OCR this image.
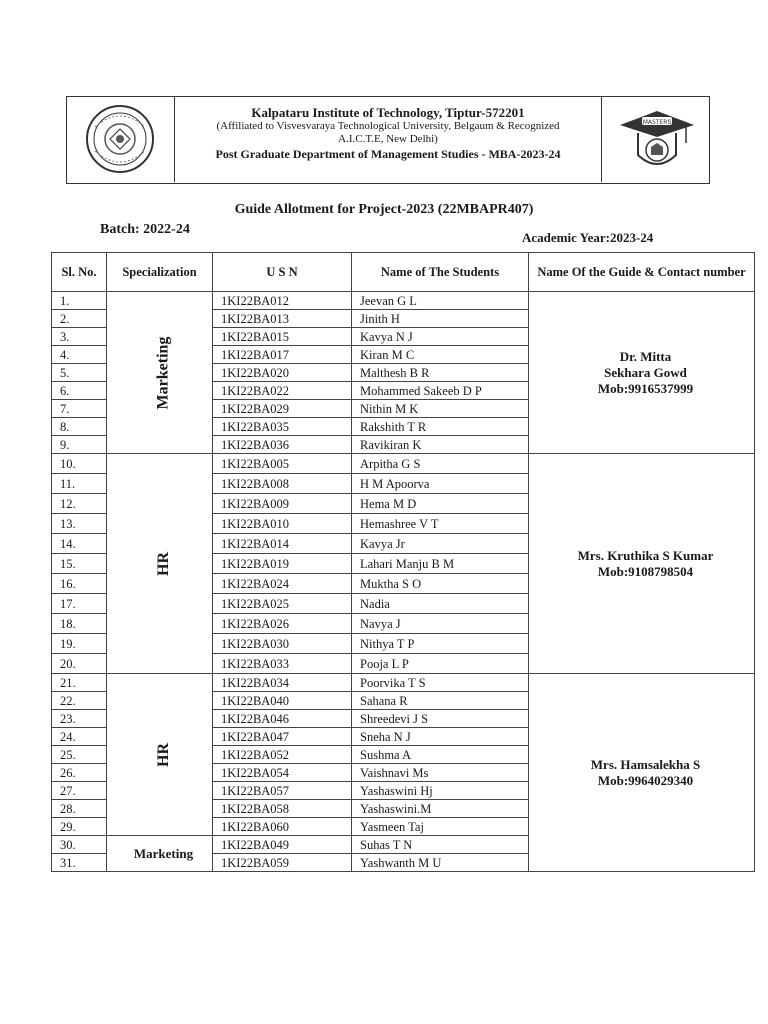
Kalpataru Institute of Technology, Tiptur-572201
(Affiliated to Visvesvaraya Technological University, Belgaum & Recognized
A.I.C.T.E, New Delhi)
Post Graduate Department of Management Studies - MBA-2023-24
MASTERS
Guide Allotment for Project-2023 (22MBAPR407)
Batch: 2022-24
Academic Year:2023-24
Sl. No.	Specialization	U S N	Name of The Students	Name Of the Guide & Contact number
1.	Marketing	1KI22BA012	Jeevan G L	Dr. Mitta
Sekhara Gowd
Mob:9916537999

2.		1KI22BA013	Jinith H	
3.		1KI22BA015	Kavya N J	
4.		1KI22BA017	Kiran M C	
5.		1KI22BA020	Malthesh B R	
6.		1KI22BA022	Mohammed Sakeeb D P	
7.		1KI22BA029	Nithin M K	
8.		1KI22BA035	Rakshith T R	
9.		1KI22BA036	Ravikiran K	
10.	HR	1KI22BA005	Arpitha G S	Mrs. Kruthika S Kumar
Mob:9108798504

11.		1KI22BA008	H M Apoorva	
12.		1KI22BA009	Hema M D	
13.		1KI22BA010	Hemashree V T	
14.		1KI22BA014	Kavya Jr	
15.		1KI22BA019	Lahari Manju B M	
16.		1KI22BA024	Muktha S O	
17.		1KI22BA025	Nadia	
18.		1KI22BA026	Navya J	
19.		1KI22BA030	Nithya T P	
20.		1KI22BA033	Pooja L P	
21.	HR	1KI22BA034	Poorvika T S	Mrs. Hamsalekha S
Mob:9964029340

22.		1KI22BA040	Sahana R	
23.		1KI22BA046	Shreedevi J S	
24.		1KI22BA047	Sneha N J	
25.		1KI22BA052	Sushma A	
26.		1KI22BA054	Vaishnavi Ms	
27.		1KI22BA057	Yashaswini Hj	
28.		1KI22BA058	Yashaswini.M	
29.		1KI22BA060	Yasmeen Taj	
30.	Marketing	1KI22BA049	Suhas T N	
31.		1KI22BA059	Yashwanth M U	
